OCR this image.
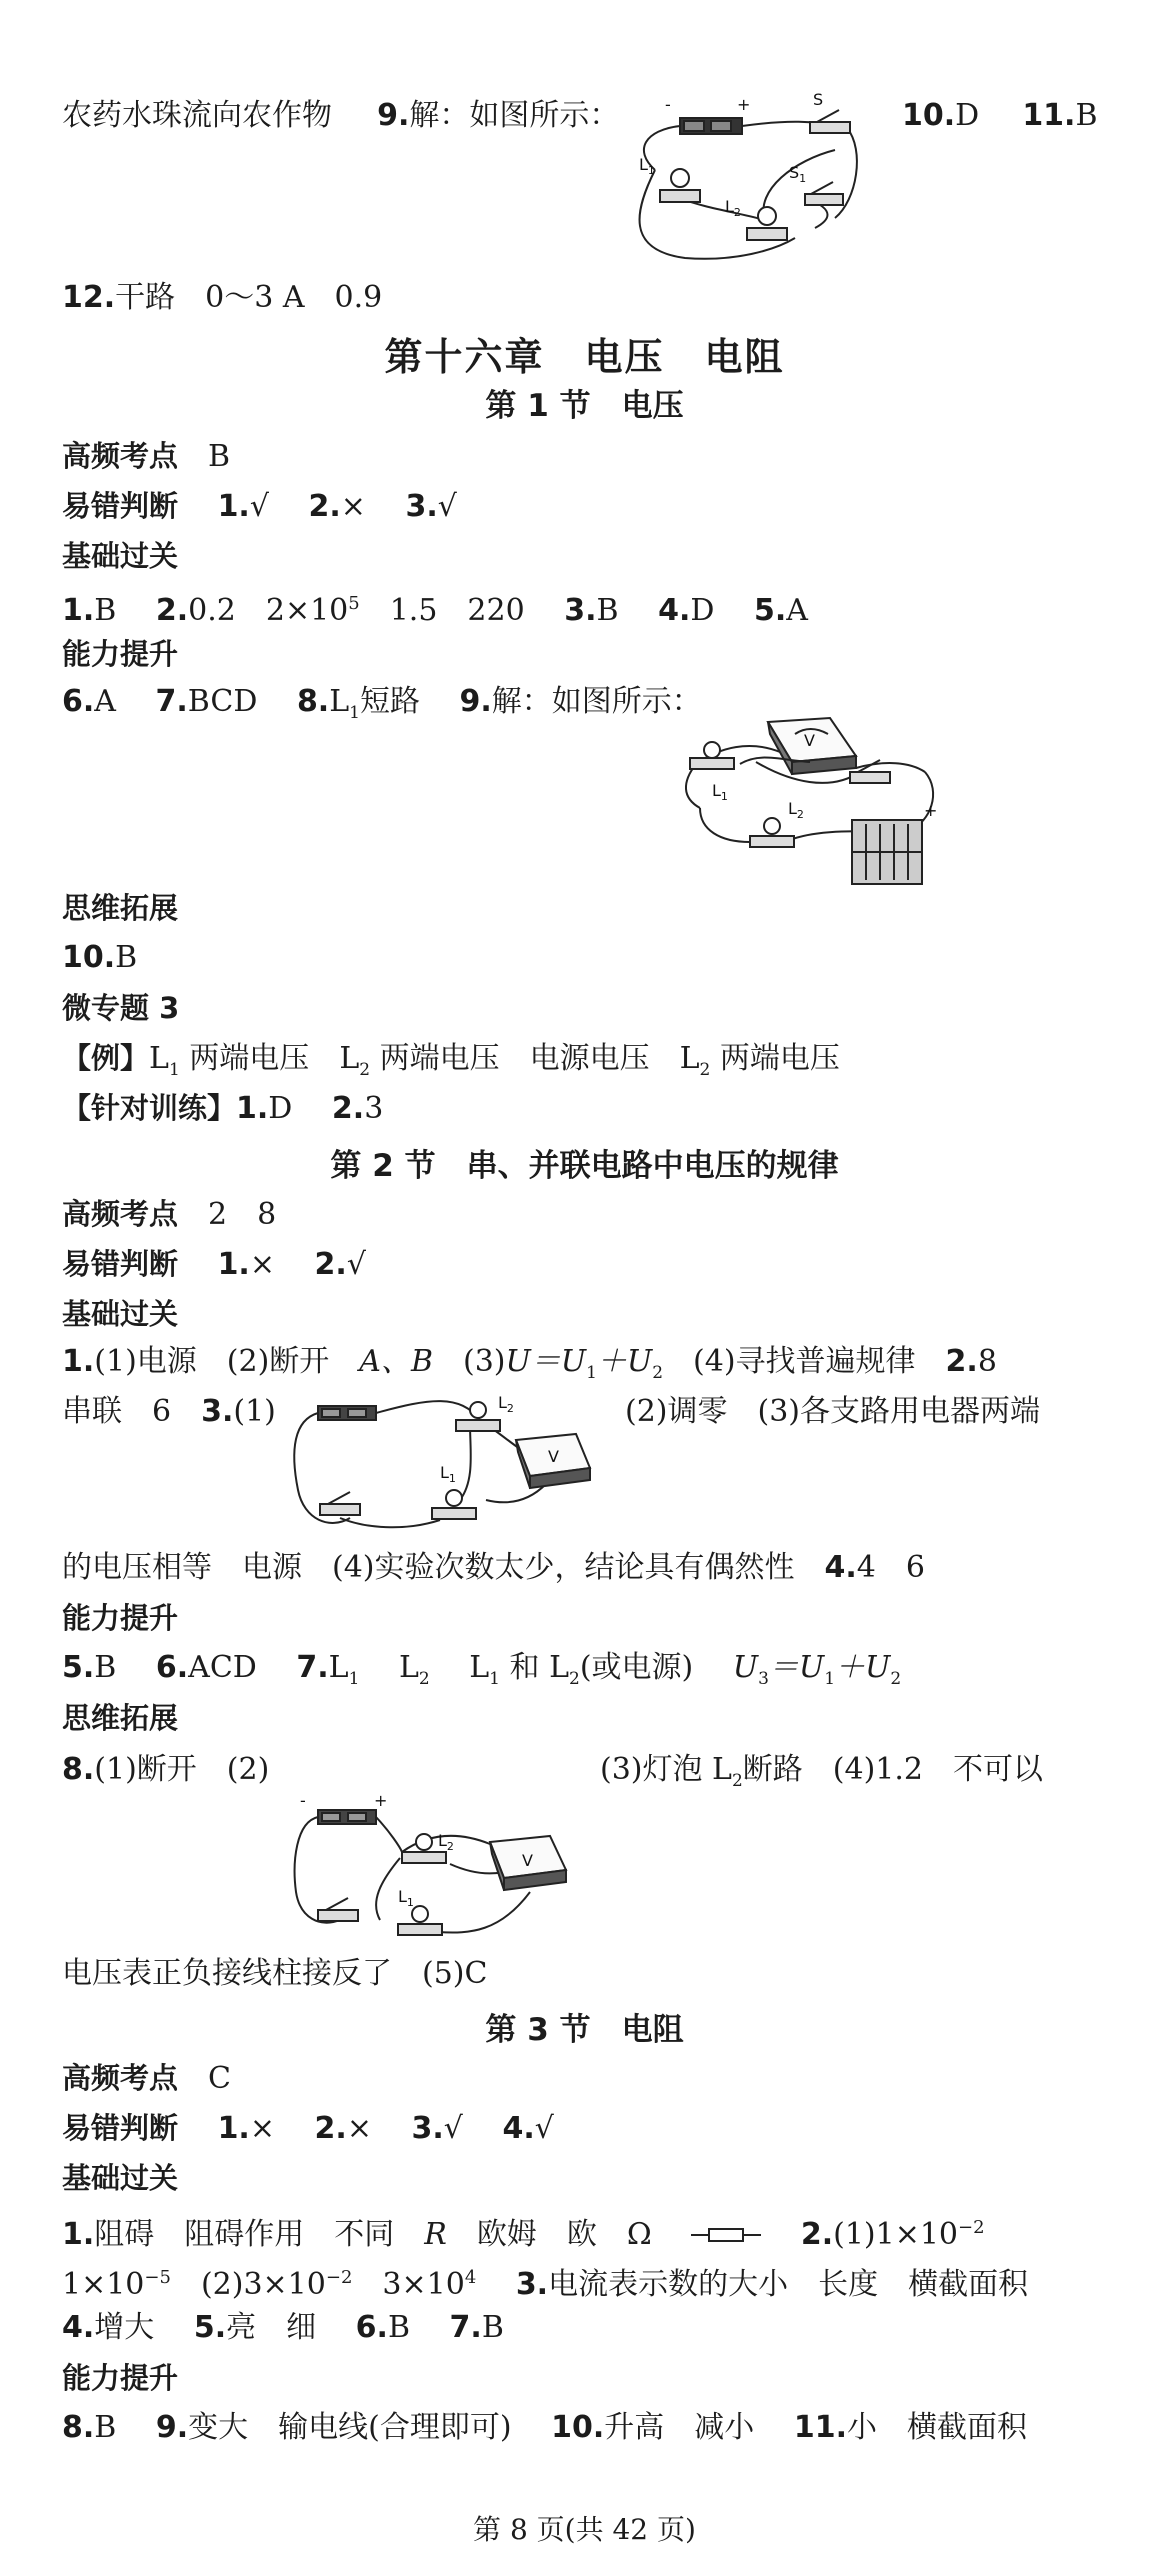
农药水珠流向农作物 9.解：如图所示：	10.D 11.B
-	+	S
$S_1$
$L_1$
$L_2$
12.干路　0～3 A　0.9
第十六章　电压　电阻
第 1 节　电压
高频考点　 B
易错判断　 1.√　 2.×　 3.√
基础过关
1.B　 2.0.2　$2\times 10^5$　1.5　220　 3.B　 4.D　 5.A
能力提升
6.A　 7.BCD　 $8.L_1$短路　 9.解：如图所示：
V
$L_1$
$L_2$	+
思维拓展
10.B
微专题 3
【例】$L_1$ 两端电压　$L_2$ 两端电压　电源电压　$L_2$ 两端电压
【针对训练】1.D　 2.3
第 2 节　串、并联电路中电压的规律
高频考点　 2　8
易错判断　 1.×　 2.√
基础过关
1.(1)电源　(2)断开　A、B　$(3)U=U_1+U_2$　(4)寻找普遍规律　2.8
串联　6　3.(1)	(2)调零　(3)各支路用电器两端
$L_2$
$L_1$
V
的电压相等　电源　(4)实验次数太少，结论具有偶然性　4.4　6
能力提升
5.B　 6.ACD　 $7.L_1$　 $L_2$　 $L_1$ 和 $L_2$(或电源)　 $U_3=U_1+U_2$
思维拓展
8.(1)断开　(2)	(3)灯泡 $L_2$断路　(4)1.2　不可以
-	+
$L_2$
$L_1$
V
电压表正负接线柱接反了　(5)C
第 3 节　电阻
高频考点　 C
易错判断　 1.×　 2.×　 3.√　 4.√
基础过关
1.阻碍　阻碍作用　不同　R　欧姆　欧　Ω　 　	$2.(1)1\times 10^{-2}$
$1\times 10^{-5}$　$(2)3\times 10^{-2}$　$3\times 10^4$　 3.电流表示数的大小　长度　横截面积
4.增大　 5.亮　细　 6.B　 7.B
能力提升
8.B　 9.变大　输电线(合理即可)　 10.升高　减小　 11.小　横截面积
第 8 页(共 42 页)
